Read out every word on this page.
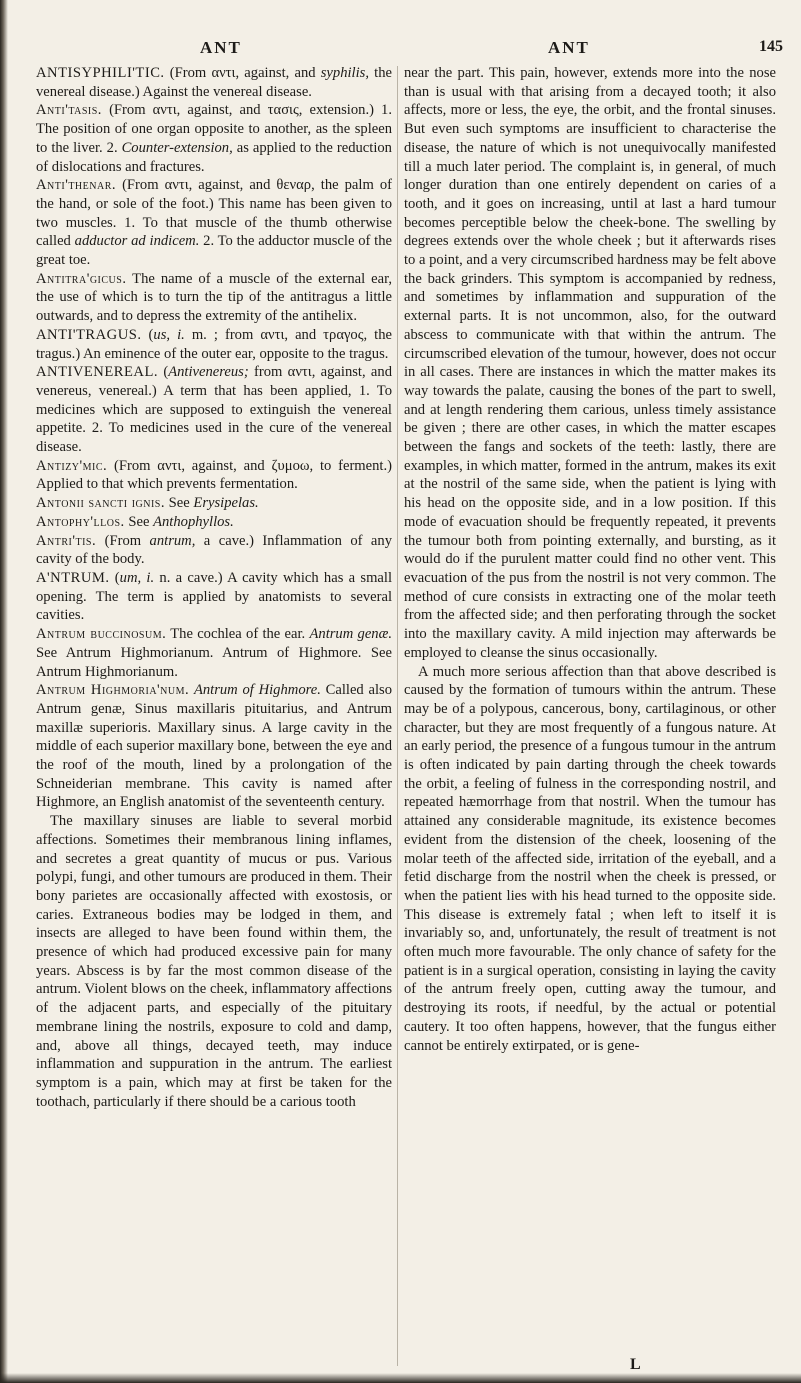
ANT	ANT	145

ANTISYPHILI'TIC. (From αντι, against, and syphilis, the venereal disease.) Against the venereal disease.

Anti'tasis. (From αντι, against, and τασις, extension.) 1. The position of one organ opposite to another, as the spleen to the liver. 2. Counter-extension, as applied to the reduction of dislocations and fractures.

Anti'thenar. (From αντι, against, and θεναρ, the palm of the hand, or sole of the foot.) This name has been given to two muscles. 1. To that muscle of the thumb otherwise called adductor ad indicem. 2. To the adductor muscle of the great toe.

Antitra'gicus. The name of a muscle of the external ear, the use of which is to turn the tip of the antitragus a little outwards, and to depress the extremity of the antihelix.

ANTI'TRAGUS. (us, i. m. ; from αντι, and τραγος, the tragus.) An eminence of the outer ear, opposite to the tragus.

ANTIVENEREAL. (Antivenereus; from αντι, against, and venereus, venereal.) A term that has been applied, 1. To medicines which are supposed to extinguish the venereal appetite. 2. To medicines used in the cure of the venereal disease.

Antizy'mic. (From αντι, against, and ζυμοω, to ferment.) Applied to that which prevents fermentation.

Antonii sancti ignis. See Erysipelas.

Antophy'llos. See Anthophyllos.

Antri'tis. (From antrum, a cave.) Inflammation of any cavity of the body.

A'NTRUM. (um, i. n. a cave.) A cavity which has a small opening. The term is applied by anatomists to several cavities.

Antrum buccinosum. The cochlea of the ear. Antrum genæ. See Antrum Highmorianum. Antrum of Highmore. See Antrum Highmorianum.

Antrum Highmoria'num. Antrum of Highmore. Called also Antrum genæ, Sinus maxillaris pituitarius, and Antrum maxillæ superioris. Maxillary sinus. A large cavity in the middle of each superior maxillary bone, between the eye and the roof of the mouth, lined by a prolongation of the Schneiderian membrane. This cavity is named after Highmore, an English anatomist of the seventeenth century.

The maxillary sinuses are liable to several morbid affections. Sometimes their membranous lining inflames, and secretes a great quantity of mucus or pus. Various polypi, fungi, and other tumours are produced in them. Their bony parietes are occasionally affected with exostosis, or caries. Extraneous bodies may be lodged in them, and insects are alleged to have been found within them, the presence of which had produced excessive pain for many years. Abscess is by far the most common disease of the antrum. Violent blows on the cheek, inflammatory affections of the adjacent parts, and especially of the pituitary membrane lining the nostrils, exposure to cold and damp, and, above all things, decayed teeth, may induce inflammation and suppuration in the antrum. The earliest symptom is a pain, which may at first be taken for the toothach, particularly if there should be a carious tooth

near the part. This pain, however, extends more into the nose than is usual with that arising from a decayed tooth; it also affects, more or less, the eye, the orbit, and the frontal sinuses. But even such symptoms are insufficient to characterise the disease, the nature of which is not unequivocally manifested till a much later period. The complaint is, in general, of much longer duration than one entirely dependent on caries of a tooth, and it goes on increasing, until at last a hard tumour becomes perceptible below the cheek-bone. The swelling by degrees extends over the whole cheek ; but it afterwards rises to a point, and a very circumscribed hardness may be felt above the back grinders. This symptom is accompanied by redness, and sometimes by inflammation and suppuration of the external parts. It is not uncommon, also, for the outward abscess to communicate with that within the antrum. The circumscribed elevation of the tumour, however, does not occur in all cases. There are instances in which the matter makes its way towards the palate, causing the bones of the part to swell, and at length rendering them carious, unless timely assistance be given ; there are other cases, in which the matter escapes between the fangs and sockets of the teeth: lastly, there are examples, in which matter, formed in the antrum, makes its exit at the nostril of the same side, when the patient is lying with his head on the opposite side, and in a low position. If this mode of evacuation should be frequently repeated, it prevents the tumour both from pointing externally, and bursting, as it would do if the purulent matter could find no other vent. This evacuation of the pus from the nostril is not very common. The method of cure consists in extracting one of the molar teeth from the affected side; and then perforating through the socket into the maxillary cavity. A mild injection may afterwards be employed to cleanse the sinus occasionally.

A much more serious affection than that above described is caused by the formation of tumours within the antrum. These may be of a polypous, cancerous, bony, cartilaginous, or other character, but they are most frequently of a fungous nature. At an early period, the presence of a fungous tumour in the antrum is often indicated by pain darting through the cheek towards the orbit, a feeling of fulness in the corresponding nostril, and repeated hæmorrhage from that nostril. When the tumour has attained any considerable magnitude, its existence becomes evident from the distension of the cheek, loosening of the molar teeth of the affected side, irritation of the eyeball, and a fetid discharge from the nostril when the cheek is pressed, or when the patient lies with his head turned to the opposite side. This disease is extremely fatal ; when left to itself it is invariably so, and, unfortunately, the result of treatment is not often much more favourable. The only chance of safety for the patient is in a surgical operation, consisting in laying the cavity of the antrum freely open, cutting away the tumour, and destroying its roots, if needful, by the actual or potential cautery. It too often happens, however, that the fungus either cannot be entirely extirpated, or is gene-

L
